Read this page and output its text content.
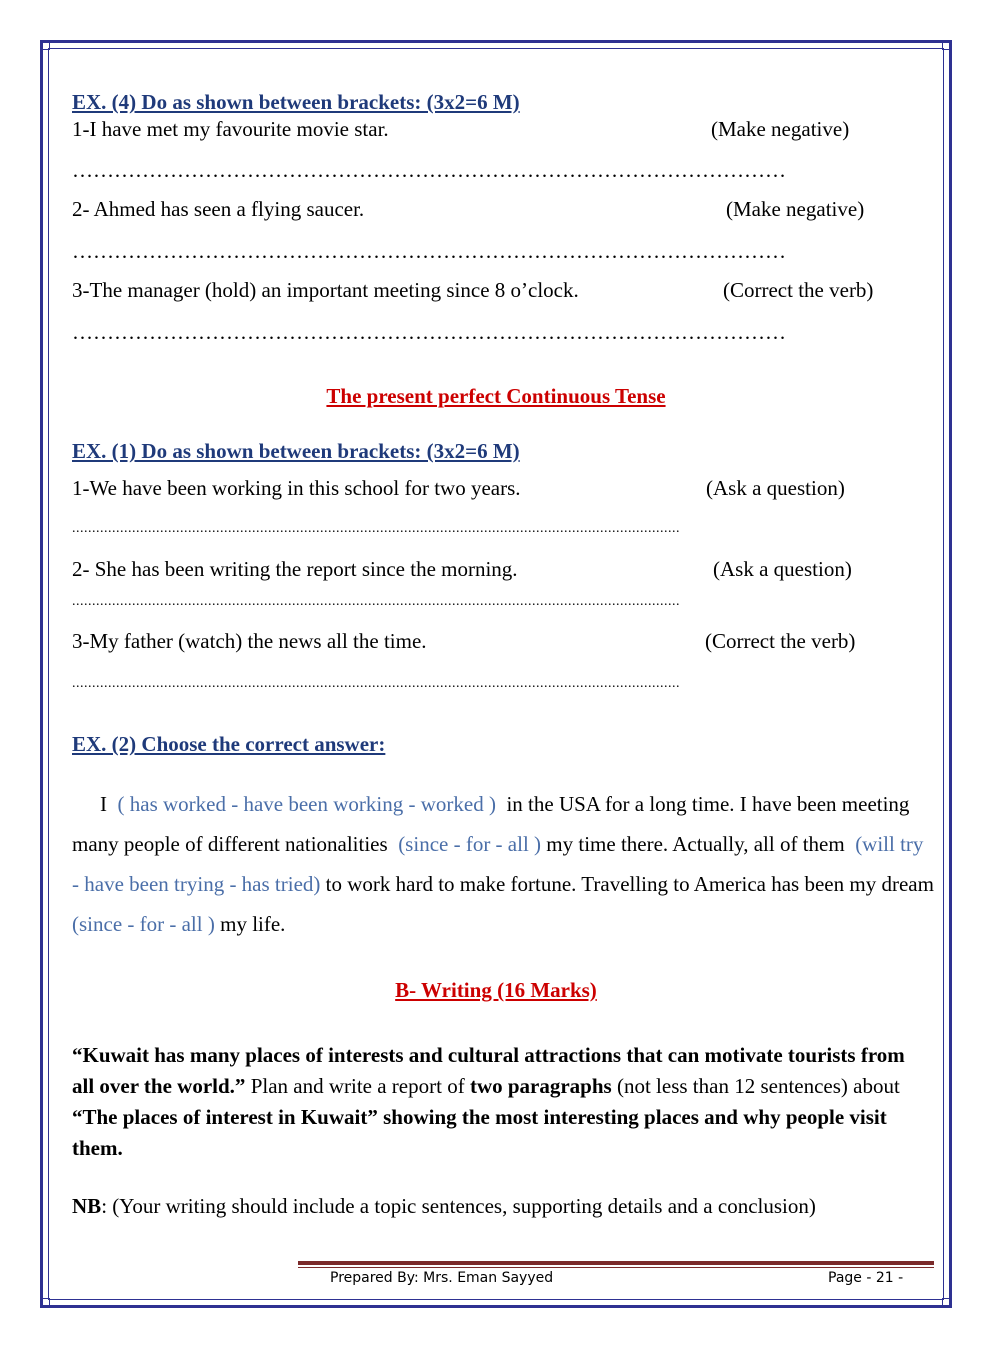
EX. (4) Do as shown between brackets: (3x2=6 M)
1-I have met my favourite movie star.	(Make negative)
…………………………………………………………………………………………
2- Ahmed has seen a flying saucer.	(Make negative)
…………………………………………………………………………………………
3-The manager (hold) an important meeting since 8 o’clock.	(Correct the verb)
…………………………………………………………………………………………
The present perfect Continuous Tense
EX. (1) Do as shown between brackets: (3x2=6 M)
1-We have been working in this school for two years.	(Ask a question)
........................................................................................................................................................
2- She has been writing the report since the morning.	(Ask a question)
........................................................................................................................................................
3-My father (watch) the news all the time.	(Correct the verb)
........................................................................................................................................................
EX. (2) Choose the correct answer:
I ( has worked - have been working - worked ) in the USA for a long time. I have been meeting many people of different nationalities (since - for - all ) my time there. Actually, all of them (will try - have been trying - has tried) to work hard to make fortune. Travelling to America has been my dream (since - for - all ) my life.
B- Writing (16 Marks)
“Kuwait has many places of interests and cultural attractions that can motivate tourists from all over the world.” Plan and write a report of two paragraphs (not less than 12 sentences) about “The places of interest in Kuwait” showing the most interesting places and why people visit them.
NB: (Your writing should include a topic sentences, supporting details and a conclusion)
Prepared By: Mrs. Eman Sayyed	Page - 21 -
